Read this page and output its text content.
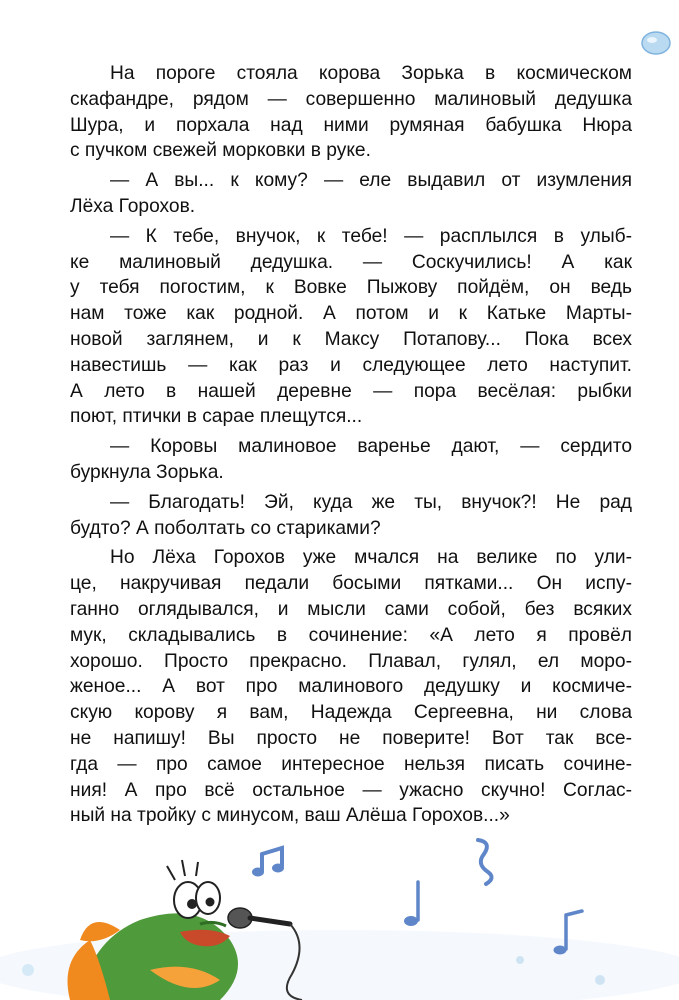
На пороге стояла корова Зорька в космическом
скафандре, рядом — совершенно малиновый дедушка
Шура, и порхала над ними румяная бабушка Нюра
с пучком свежей морковки в руке.
— А вы... к кому? — еле выдавил от изумления
Лёха Горохов.
— К тебе, внучок, к тебе! — расплылся в улыб-
ке малиновый дедушка. — Соскучились! А как
у тебя погостим, к Вовке Пыжову пойдём, он ведь
нам тоже как родной. А потом и к Катьке Марты-
новой заглянем, и к Максу Потапову... Пока всех
навестишь — как раз и следующее лето наступит.
А лето в нашей деревне — пора весёлая: рыбки
поют, птички в сарае плещутся...
— Коровы малиновое варенье дают, — сердито
буркнула Зорька.
— Благодать! Эй, куда же ты, внучок?! Не рад
будто? А поболтать со стариками?
Но Лёха Горохов уже мчался на велике по ули-
це, накручивая педали босыми пятками... Он испу-
ганно оглядывался, и мысли сами собой, без всяких
мук, складывались в сочинение: «А лето я провёл
хорошо. Просто прекрасно. Плавал, гулял, ел моро-
женое... А вот про малинового дедушку и космиче-
скую корову я вам, Надежда Сергеевна, ни слова
не напишу! Вы просто не поверите! Вот так все-
гда — про самое интересное нельзя писать сочине-
ния! А про всё остальное — ужасно скучно! Соглас-
ный на тройку с минусом, ваш Алёша Горохов...»
